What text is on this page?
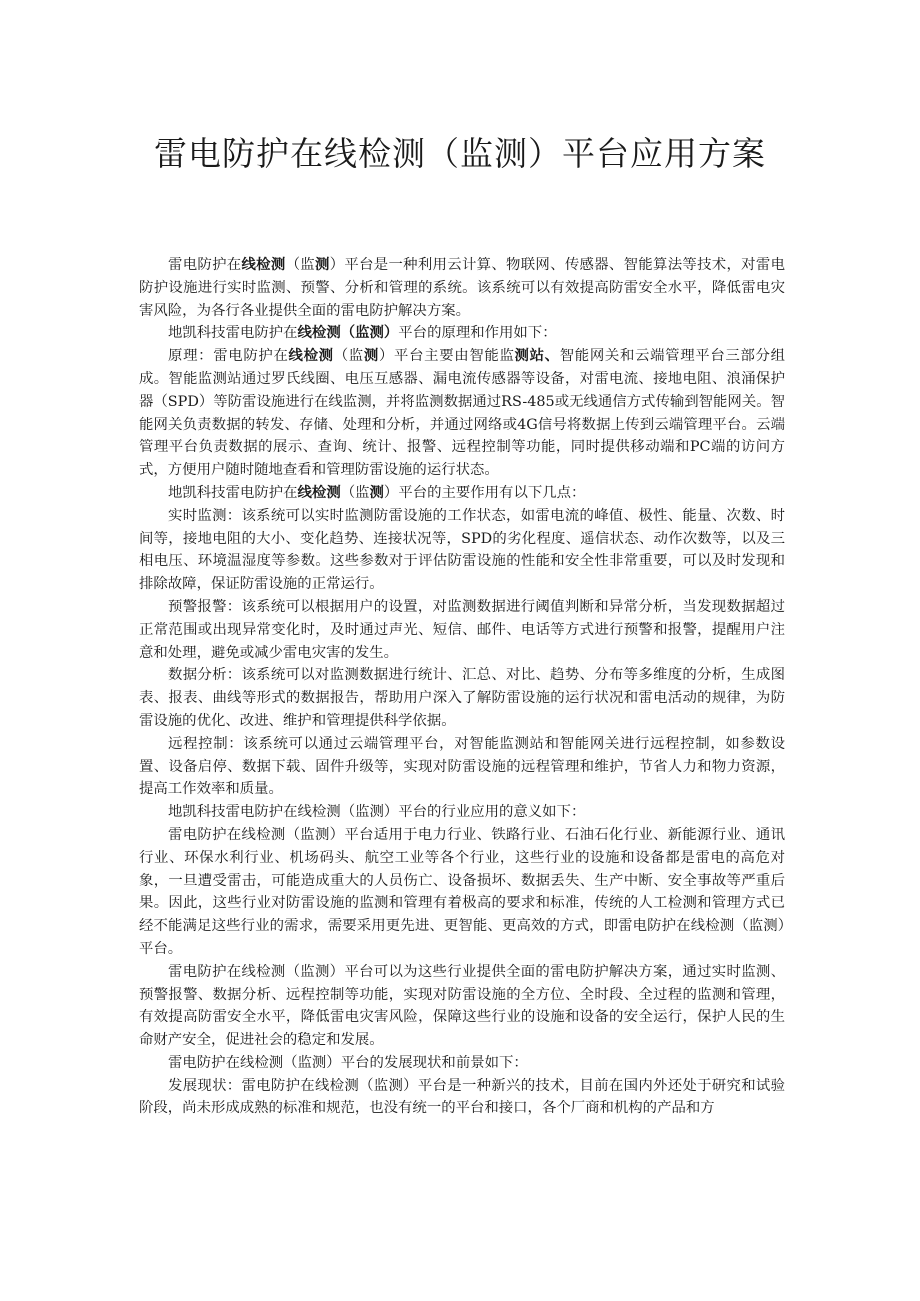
雷电防护在线检测（监测）平台应用方案

雷电防护在线检测（监测）平台是一种利用云计算、物联网、传感器、智能算法等技术，对雷电防护设施进行实时监测、预警、分析和管理的系统。该系统可以有效提高防雷安全水平，降低雷电灾害风险，为各行各业提供全面的雷电防护解决方案。

地凯科技雷电防护在线检测（监测）平台的原理和作用如下：

原理：雷电防护在线检测（监测）平台主要由智能监测站、智能网关和云端管理平台三部分组成。智能监测站通过罗氏线圈、电压互感器、漏电流传感器等设备，对雷电流、接地电阻、浪涌保护器（SPD）等防雷设施进行在线监测，并将监测数据通过RS-485或无线通信方式传输到智能网关。智能网关负责数据的转发、存储、处理和分析，并通过网络或4G信号将数据上传到云端管理平台。云端管理平台负责数据的展示、查询、统计、报警、远程控制等功能，同时提供移动端和PC端的访问方式，方便用户随时随地查看和管理防雷设施的运行状态。

地凯科技雷电防护在线检测（监测）平台的主要作用有以下几点：

实时监测：该系统可以实时监测防雷设施的工作状态，如雷电流的峰值、极性、能量、次数、时间等，接地电阻的大小、变化趋势、连接状况等，SPD的劣化程度、遥信状态、动作次数等，以及三相电压、环境温湿度等参数。这些参数对于评估防雷设施的性能和安全性非常重要，可以及时发现和排除故障，保证防雷设施的正常运行。

预警报警：该系统可以根据用户的设置，对监测数据进行阈值判断和异常分析，当发现数据超过正常范围或出现异常变化时，及时通过声光、短信、邮件、电话等方式进行预警和报警，提醒用户注意和处理，避免或减少雷电灾害的发生。

数据分析：该系统可以对监测数据进行统计、汇总、对比、趋势、分布等多维度的分析，生成图表、报表、曲线等形式的数据报告，帮助用户深入了解防雷设施的运行状况和雷电活动的规律，为防雷设施的优化、改进、维护和管理提供科学依据。

远程控制：该系统可以通过云端管理平台，对智能监测站和智能网关进行远程控制，如参数设置、设备启停、数据下载、固件升级等，实现对防雷设施的远程管理和维护，节省人力和物力资源，提高工作效率和质量。

地凯科技雷电防护在线检测（监测）平台的行业应用的意义如下：

雷电防护在线检测（监测）平台适用于电力行业、铁路行业、石油石化行业、新能源行业、通讯行业、环保水利行业、机场码头、航空工业等各个行业，这些行业的设施和设备都是雷电的高危对象，一旦遭受雷击，可能造成重大的人员伤亡、设备损坏、数据丢失、生产中断、安全事故等严重后果。因此，这些行业对防雷设施的监测和管理有着极高的要求和标准，传统的人工检测和管理方式已经不能满足这些行业的需求，需要采用更先进、更智能、更高效的方式，即雷电防护在线检测（监测）平台。

雷电防护在线检测（监测）平台可以为这些行业提供全面的雷电防护解决方案，通过实时监测、预警报警、数据分析、远程控制等功能，实现对防雷设施的全方位、全时段、全过程的监测和管理，有效提高防雷安全水平，降低雷电灾害风险，保障这些行业的设施和设备的安全运行，保护人民的生命财产安全，促进社会的稳定和发展。

雷电防护在线检测（监测）平台的发展现状和前景如下：

发展现状：雷电防护在线检测（监测）平台是一种新兴的技术，目前在国内外还处于研究和试验阶段，尚未形成成熟的标准和规范，也没有统一的平台和接口，各个厂商和机构的产品和方
